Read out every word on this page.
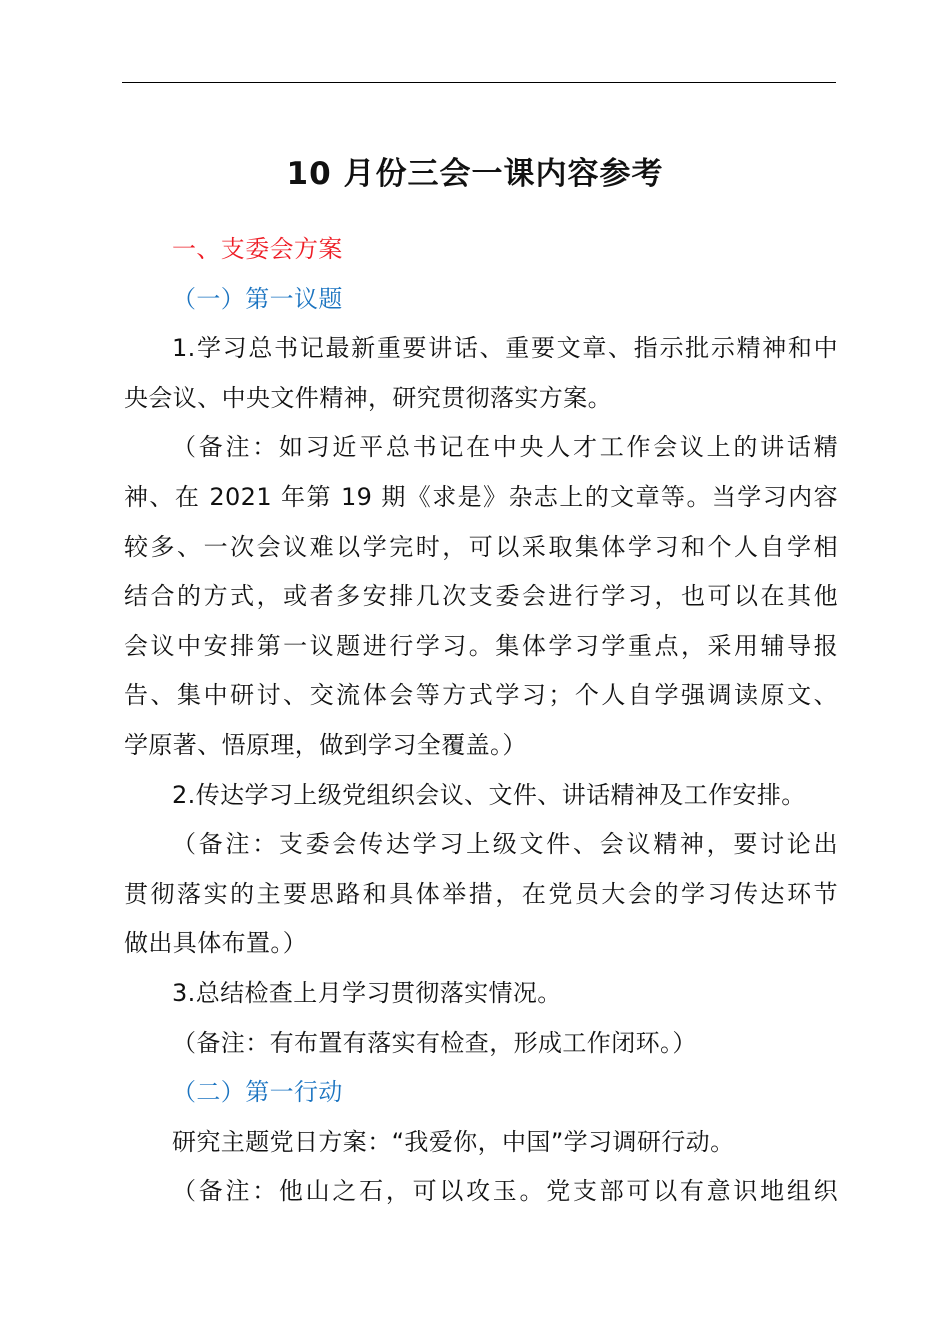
10 月份三会一课内容参考
一、支委会方案
（一）第一议题
1.学习总书记最新重要讲话、重要文章、指示批示精神和中
央会议、中央文件精神，研究贯彻落实方案。
（备注：如习近平总书记在中央人才工作会议上的讲话精
神、在 2021 年第 19 期《求是》杂志上的文章等。当学习内容
较多、一次会议难以学完时，可以采取集体学习和个人自学相
结合的方式，或者多安排几次支委会进行学习，也可以在其他
会议中安排第一议题进行学习。集体学习学重点，采用辅导报
告、集中研讨、交流体会等方式学习；个人自学强调读原文、
学原著、悟原理，做到学习全覆盖。）
2.传达学习上级党组织会议、文件、讲话精神及工作安排。
（备注：支委会传达学习上级文件、会议精神，要讨论出
贯彻落实的主要思路和具体举措，在党员大会的学习传达环节
做出具体布置。）
3.总结检查上月学习贯彻落实情况。
（备注：有布置有落实有检查，形成工作闭环。）
（二）第一行动
研究主题党日方案：“我爱你，中国”学习调研行动。
（备注：他山之石，可以攻玉。党支部可以有意识地组织
